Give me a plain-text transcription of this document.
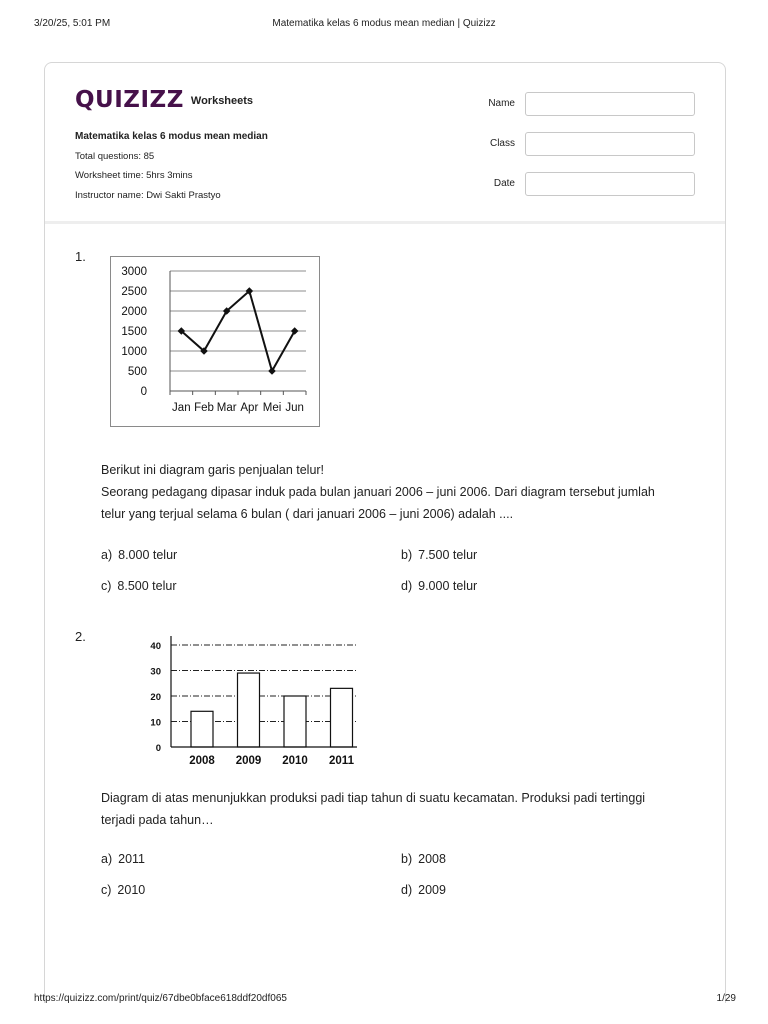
3/20/25, 5:01 PM	Matematika kelas 6 modus mean median | Quizizz
QUIZIZZ Worksheets
Matematika kelas 6 modus mean median
Total questions: 85
Worksheet time: 5hrs 3mins
Instructor name: Dwi Sakti Prastyo
Name
Class
Date
1.
0
500
1000
1500
2000
2500
3000
Jan Feb Mar Apr Mei Jun
Berikut ini diagram garis penjualan telur!
Seorang pedagang dipasar induk pada bulan januari 2006 – juni 2006. Dari diagram tersebut jumlah
telur yang terjual selama 6 bulan ( dari januari 2006 – juni 2006) adalah ....
a) 8.000 telur	b) 7.500 telur
c) 8.500 telur	d) 9.000 telur
2.
0
10
20
30
40
2008 2009 2010 2011
Diagram di atas menunjukkan produksi padi tiap tahun di suatu kecamatan. Produksi padi tertinggi
terjadi pada tahun…
a) 2011	b) 2008
c) 2010	d) 2009
https://quizizz.com/print/quiz/67dbe0bface618ddf20df065	1/29
